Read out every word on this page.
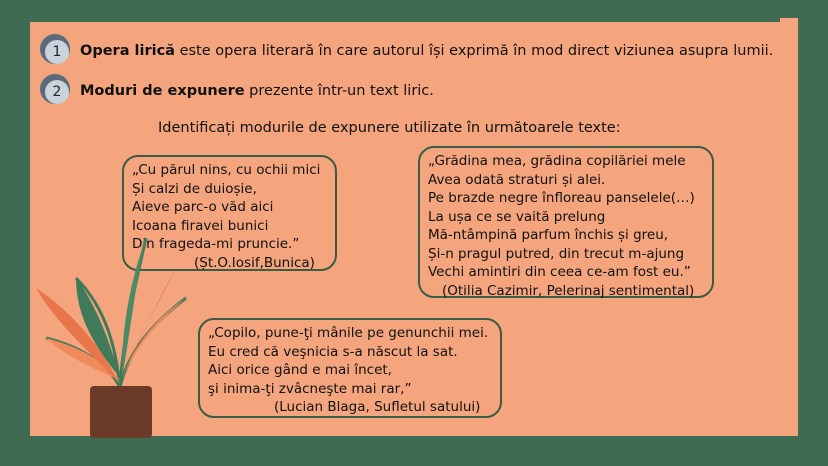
1	Opera lirică este opera literară în care autorul își exprimă în mod direct viziunea asupra lumii.
2	Moduri de expunere prezente într-un text liric.
Identificați modurile de expunere utilizate în următoarele texte:
„Cu părul nins, cu ochii mici
Și calzi de duioșie,
Aieve parc-o văd aici
Icoana firavei bunici
Din fragedа-mi pruncie.”
(Șt.O.Iosif,Bunica)
„Grădina mea, grădina copilăriei mele
Avea odată straturi și alei.
Pe brazde negre înfloreau panselele(…)
La ușa ce se vaită prelung
Mă-ntâmpină parfum închis și greu,
Și-n pragul putred, din trecut m-ajung
Vechi amintiri din ceea ce-am fost eu.”
(Otilia Cazimir, Pelerinaj sentimental)
„Copilo, pune-ţi mânile pe genunchii mei.
Eu cred că veşnicia s-a născut la sat.
Aici orice gând e mai încet,
şi inima-ţi zvâcneşte mai rar,”
(Lucian Blaga, Sufletul satului)
